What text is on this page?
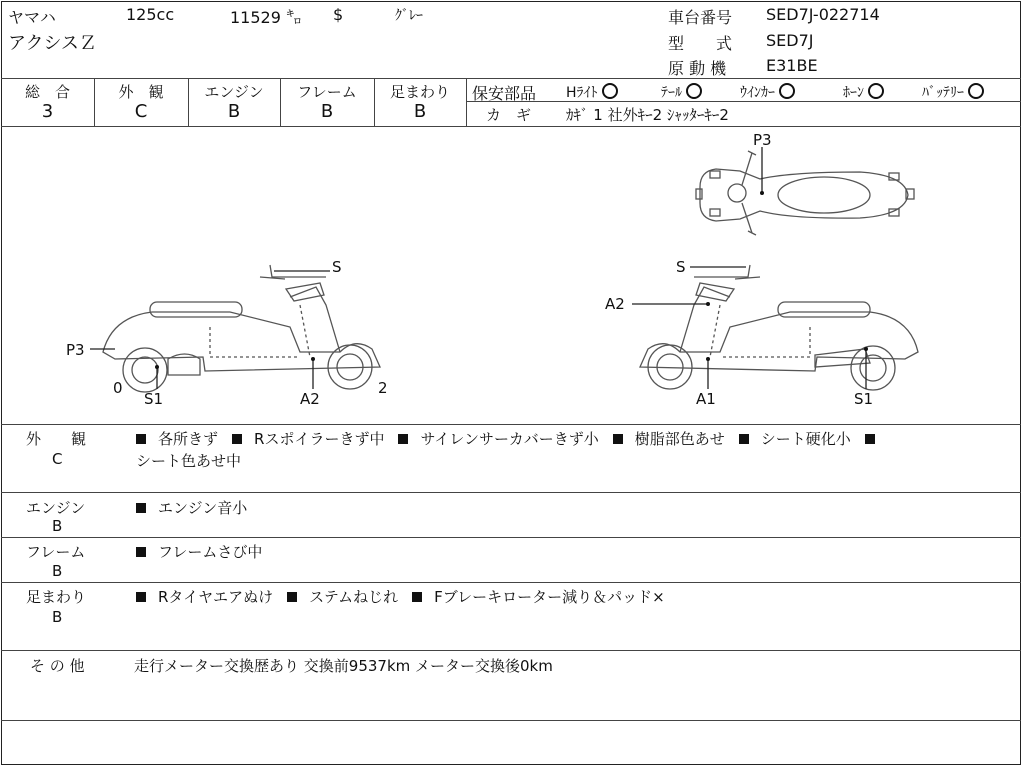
ヤマハ	125cc	11529 ㌔ $	ｸﾞﾚｰ
アクシスＺ
車台番号 SED7J-022714
型　　式 SED7J
原 動 機 E31BE
総　合
3
外　観
C
エンジン
B
フレーム
B
足まわり
B
保安部品 Hﾗｲﾄ	ﾃｰﾙ	ｳｲﾝｶｰ	ﾎｰﾝ	ﾊﾞｯﾃﾘｰ
カ　ギ ｶｷﾞ 1 社外ｷｰ2 ｼｬｯﾀｰｷｰ2
P3
S
P3
0
S1	A2
2
S
A2
A1	S1
外　　観
C
各所きず Rスポイラーきず中 サイレンサーカバーきず小 樹脂部色あせ シート硬化小
シート色あせ中
エンジン
B
エンジン音小
フレーム
B
フレームさび中
足まわり
B
Rタイヤエアぬけ ステムねじれ Fブレーキローター減り＆パッド×
そ の 他	走行メーター交換歴あり 交換前9537km メーター交換後0km
